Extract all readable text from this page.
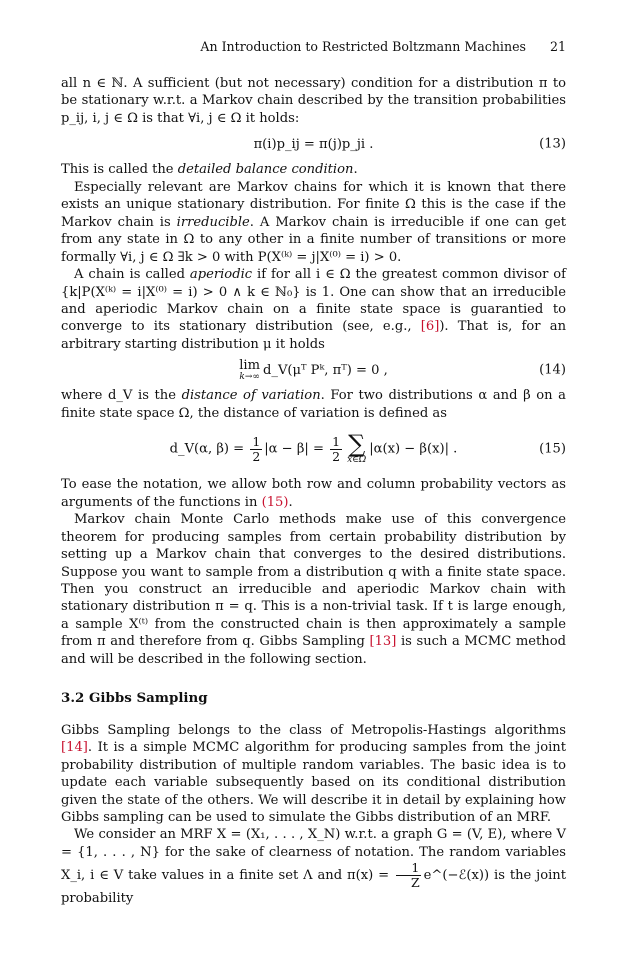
An Introduction to Restricted Boltzmann Machines 21

all n ∈ ℕ. A sufficient (but not necessary) condition for a distribution π to be stationary w.r.t. a Markov chain described by the transition probabilities p_ij, i, j ∈ Ω is that ∀i, j ∈ Ω it holds:

π(i)p_ij = π(j)p_ji .	(13)

This is called the detailed balance condition.

Especially relevant are Markov chains for which it is known that there exists an unique stationary distribution. For finite Ω this is the case if the Markov chain is irreducible. A Markov chain is irreducible if one can get from any state in Ω to any other in a finite number of transitions or more formally ∀i, j ∈ Ω ∃k > 0 with P(X⁽ᵏ⁾ = j|X⁽⁰⁾ = i) > 0.

A chain is called aperiodic if for all i ∈ Ω the greatest common divisor of {k|P(X⁽ᵏ⁾ = i|X⁽⁰⁾ = i) > 0 ∧ k ∈ ℕ₀} is 1. One can show that an irreducible and aperiodic Markov chain on a finite state space is guarantied to converge to its stationary distribution (see, e.g., [6]). That is, for an arbitrary starting distribution μ it holds

lim
k→∞ d_V(μᵀ Pᵏ, πᵀ) = 0 ,	(14)

where d_V is the distance of variation. For two distributions α and β on a finite state space Ω, the distance of variation is defined as

d_V(α, $\beta) = \frac{1}{2} |\alpha - \beta| = \frac{1}{2}$ ∑
x∈Ω
|α(x) − β(x)| .	(15)

To ease the notation, we allow both row and column probability vectors as arguments of the functions in (15).

Markov chain Monte Carlo methods make use of this convergence theorem for producing samples from certain probability distribution by setting up a Markov chain that converges to the desired distributions. Suppose you want to sample from a distribution q with a finite state space. Then you construct an irreducible and aperiodic Markov chain with stationary distribution π = q. This is a non-trivial task. If t is large enough, a sample X⁽ᵗ⁾ from the constructed chain is then approximately a sample from π and therefore from q. Gibbs Sampling [13] is such a MCMC method and will be described in the following section.

3.2 Gibbs Sampling

Gibbs Sampling belongs to the class of Metropolis-Hastings algorithms [14]. It is a simple MCMC algorithm for producing samples from the joint probability distribution of multiple random variables. The basic idea is to update each variable subsequently based on its conditional distribution given the state of the others. We will describe it in detail by explaining how Gibbs sampling can be used to simulate the Gibbs distribution of an MRF.

We consider an MRF X = (X₁, . . . , X_N) w.r.t. a graph G = (V, E), where V = {1, . . . , N} for the sake of clearness of notation. The random variables X_i, i ∈ V take values in a finite set Λ and $\pi(x) = \frac{1}{Z}$ e^(−ℰ(x)) is the joint probability
